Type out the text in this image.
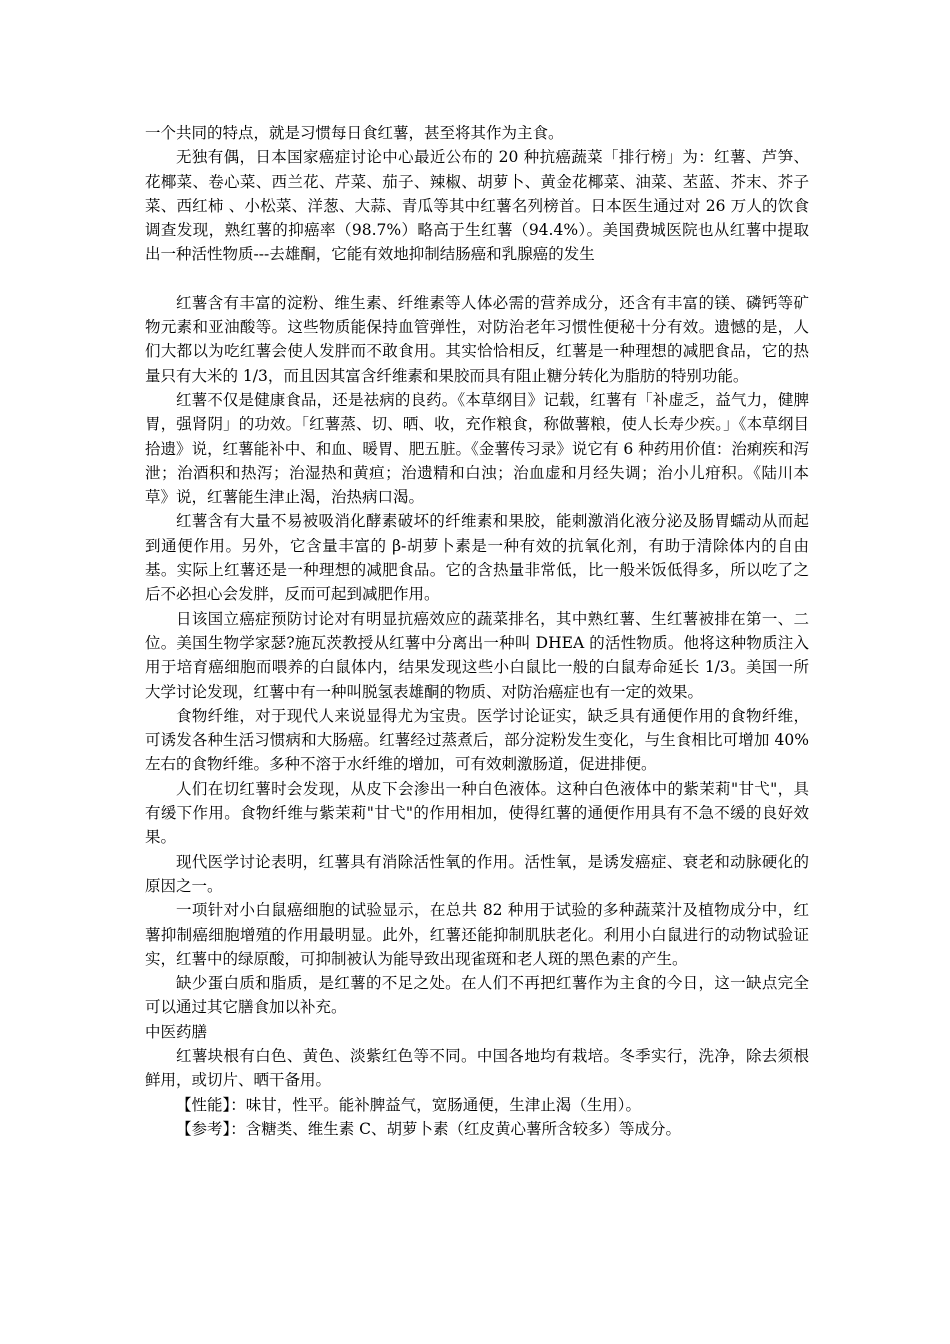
一个共同的特点，就是习惯每日食红薯，甚至将其作为主食。

无独有偶，日本国家癌症讨论中心最近公布的 20 种抗癌蔬菜「排行榜」为：红薯、芦笋、花椰菜、卷心菜、西兰花、芹菜、茄子、辣椒、胡萝卜、黄金花椰菜、油菜、苤蓝、芥末、芥子菜、西红柿 、小松菜、洋葱、大蒜、青瓜等其中红薯名列榜首。日本医生通过对 26 万人的饮食调查发现，熟红薯的抑癌率（98.7%）略高于生红薯（94.4%）。美国费城医院也从红薯中提取出一种活性物质---去雄酮，它能有效地抑制结肠癌和乳腺癌的发生

红薯含有丰富的淀粉、维生素、纤维素等人体必需的营养成分，还含有丰富的镁、磷钙等矿物元素和亚油酸等。这些物质能保持血管弹性，对防治老年习惯性便秘十分有效。遗憾的是，人们大都以为吃红薯会使人发胖而不敢食用。其实恰恰相反，红薯是一种理想的减肥食品，它的热量只有大米的 1/3，而且因其富含纤维素和果胶而具有阻止糖分转化为脂肪的特别功能。

红薯不仅是健康食品，还是祛病的良药。《本草纲目》记载，红薯有「补虚乏，益气力，健脾胃，强肾阴」的功效。「红薯蒸、切、晒、收，充作粮食，称做薯粮，使人长寿少疾。」《本草纲目拾遗》说，红薯能补中、和血、暖胃、肥五脏。《金薯传习录》说它有 6 种药用价值：治痢疾和泻泄；治酒积和热泻；治湿热和黄疸；治遗精和白浊；治血虚和月经失调；治小儿疳积。《陆川本草》说，红薯能生津止渴，治热病口渴。

红薯含有大量不易被吸消化酵素破坏的纤维素和果胶，能刺激消化液分泌及肠胃蠕动从而起到通便作用。另外，它含量丰富的 β-胡萝卜素是一种有效的抗氧化剂，有助于清除体内的自由基。实际上红薯还是一种理想的减肥食品。它的含热量非常低，比一般米饭低得多，所以吃了之后不必担心会发胖，反而可起到减肥作用。

日该国立癌症预防讨论对有明显抗癌效应的蔬菜排名，其中熟红薯、生红薯被排在第一、二位。美国生物学家瑟?施瓦茨教授从红薯中分离出一种叫 DHEA 的活性物质。他将这种物质注入用于培育癌细胞而喂养的白鼠体内，结果发现这些小白鼠比一般的白鼠寿命延长 1/3。美国一所大学讨论发现，红薯中有一种叫脱氢表雄酮的物质、对防治癌症也有一定的效果。

食物纤维，对于现代人来说显得尤为宝贵。医学讨论证实，缺乏具有通便作用的食物纤维，可诱发各种生活习惯病和大肠癌。红薯经过蒸煮后，部分淀粉发生变化，与生食相比可增加 40%左右的食物纤维。多种不溶于水纤维的增加，可有效刺激肠道，促进排便。

人们在切红薯时会发现，从皮下会渗出一种白色液体。这种白色液体中的紫茉莉"甘弋"，具有缓下作用。食物纤维与紫茉莉"甘弋"的作用相加，使得红薯的通便作用具有不急不缓的良好效果。

现代医学讨论表明，红薯具有消除活性氧的作用。活性氧，是诱发癌症、衰老和动脉硬化的原因之一。

一项针对小白鼠癌细胞的试验显示，在总共 82 种用于试验的多种蔬菜汁及植物成分中，红薯抑制癌细胞增殖的作用最明显。此外，红薯还能抑制肌肤老化。利用小白鼠进行的动物试验证实，红薯中的绿原酸，可抑制被认为能导致出现雀斑和老人斑的黑色素的产生。

缺少蛋白质和脂质，是红薯的不足之处。在人们不再把红薯作为主食的今日，这一缺点完全可以通过其它膳食加以补充。

中医药膳

红薯块根有白色、黄色、淡紫红色等不同。中国各地均有栽培。冬季实行，洗净，除去须根鲜用，或切片、晒干备用。

【性能】：味甘，性平。能补脾益气，宽肠通便，生津止渴（生用）。

【参考】：含糖类、维生素 C、胡萝卜素（红皮黄心薯所含较多）等成分。
